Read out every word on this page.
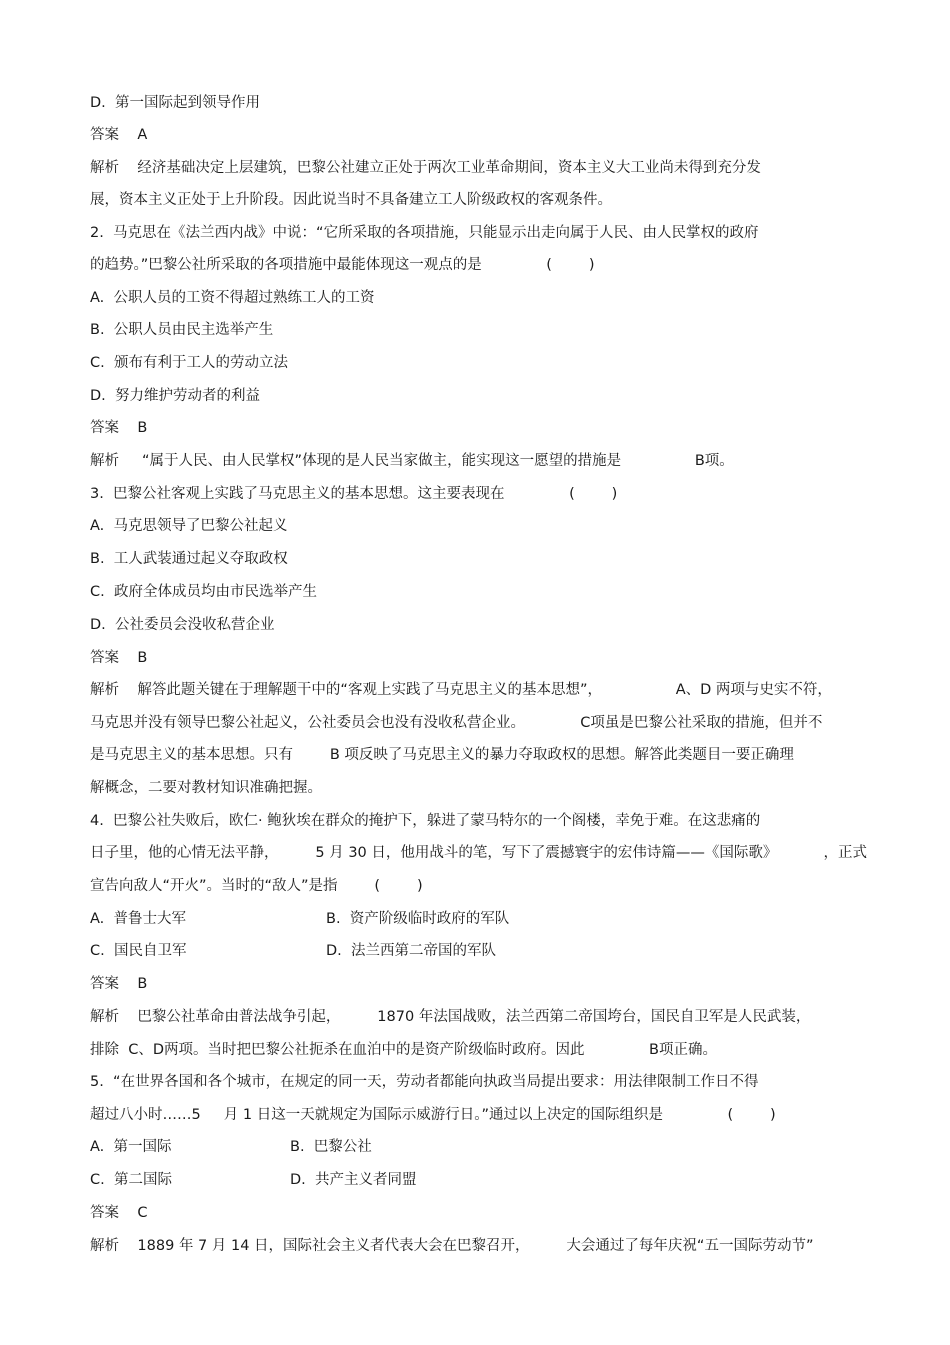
D.  第一国际起到领导作用
答案    A
解析    经济基础决定上层建筑，巴黎公社建立正处于两次工业革命期间，资本主义大工业尚未得到充分发
展，资本主义正处于上升阶段。因此说当时不具备建立工人阶级政权的客观条件。
2.  马克思在《法兰西内战》中说：“它所采取的各项措施，只能显示出走向属于人民、由人民掌权的政府
的趋势。”巴黎公社所采取的各项措施中最能体现这一观点的是              (        )
A.  公职人员的工资不得超过熟练工人的工资
B.  公职人员由民主选举产生
C.  颁布有利于工人的劳动立法
D.  努力维护劳动者的利益
答案    B
解析     “属于人民、由人民掌权”体现的是人民当家做主，能实现这一愿望的措施是                B项。
3.  巴黎公社客观上实践了马克思主义的基本思想。这主要表现在              (        )
A.  马克思领导了巴黎公社起义
B.  工人武装通过起义夺取政权
C.  政府全体成员均由市民选举产生
D.  公社委员会没收私营企业
答案    B
解析    解答此题关键在于理解题干中的“客观上实践了马克思主义的基本思想”，                A、D 两项与史实不符，
马克思并没有领导巴黎公社起义，公社委员会也没有没收私营企业。            C项虽是巴黎公社采取的措施，但并不
是马克思主义的基本思想。只有        B 项反映了马克思主义的暴力夺取政权的思想。解答此类题目一要正确理
解概念，二要对教材知识准确把握。
4.  巴黎公社失败后，欧仁· 鲍狄埃在群众的掩护下，躲进了蒙马特尔的一个阁楼，幸免于难。在这悲痛的
日子里，他的心情无法平静，        5 月 30 日，他用战斗的笔，写下了震撼寰宇的宏伟诗篇——《国际歌》          ，正式
宣告向敌人“开火”。当时的“敌人”是指        (        )
A.  普鲁士大军	B.  资产阶级临时政府的军队
C.  国民自卫军	D.  法兰西第二帝国的军队
答案    B
解析    巴黎公社革命由普法战争引起，        1870 年法国战败，法兰西第二帝国垮台，国民自卫军是人民武装，
排除  C、D两项。当时把巴黎公社扼杀在血泊中的是资产阶级临时政府。因此              B项正确。
5.  “在世界各国和各个城市，在规定的同一天，劳动者都能向执政当局提出要求：用法律限制工作日不得
超过八小时……5     月 1 日这一天就规定为国际示威游行日。”通过以上决定的国际组织是              (        )
A.  第一国际	B.  巴黎公社
C.  第二国际	D.  共产主义者同盟
答案    C
解析    1889 年 7 月 14 日，国际社会主义者代表大会在巴黎召开，        大会通过了每年庆祝“五一国际劳动节”
